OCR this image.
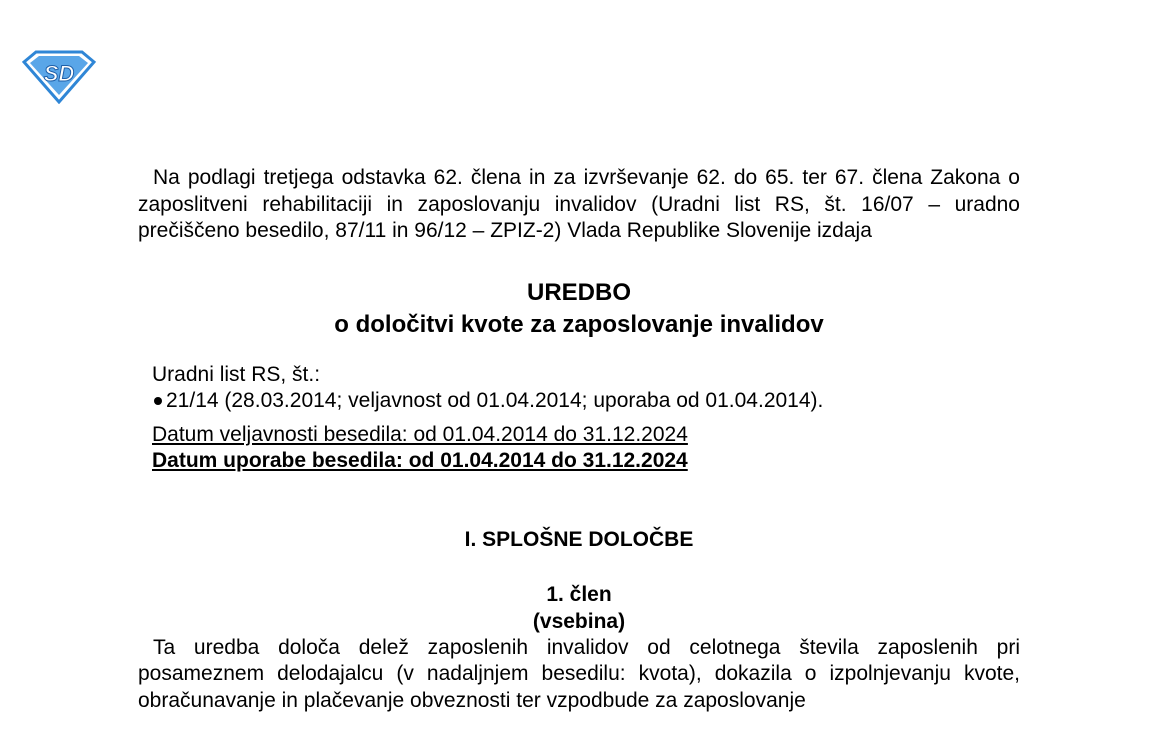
SD

Na podlagi tretjega odstavka 62. člena in za izvrševanje 62. do 65. ter 67. člena Zakona o zaposlitveni rehabilitaciji in zaposlovanju invalidov (Uradni list RS, št. 16/07 – uradno prečiščeno besedilo, 87/11 in 96/12 – ZPIZ-2) Vlada Republike Slovenije izdaja

UREDBO
o določitvi kvote za zaposlovanje invalidov

Uradni list RS, št.:
21/14 (28.03.2014; veljavnost od 01.04.2014; uporaba od 01.04.2014).
Datum veljavnosti besedila: od 01.04.2014 do 31.12.2024
Datum uporabe besedila: od 01.04.2014 do 31.12.2024

I. SPLOŠNE DOLOČBE

1. člen
(vsebina)

Ta uredba določa delež zaposlenih invalidov od celotnega števila zaposlenih pri posameznem delodajalcu (v nadaljnjem besedilu: kvota), dokazila o izpolnjevanju kvote, obračunavanje in plačevanje obveznosti ter vzpodbude za zaposlovanje
